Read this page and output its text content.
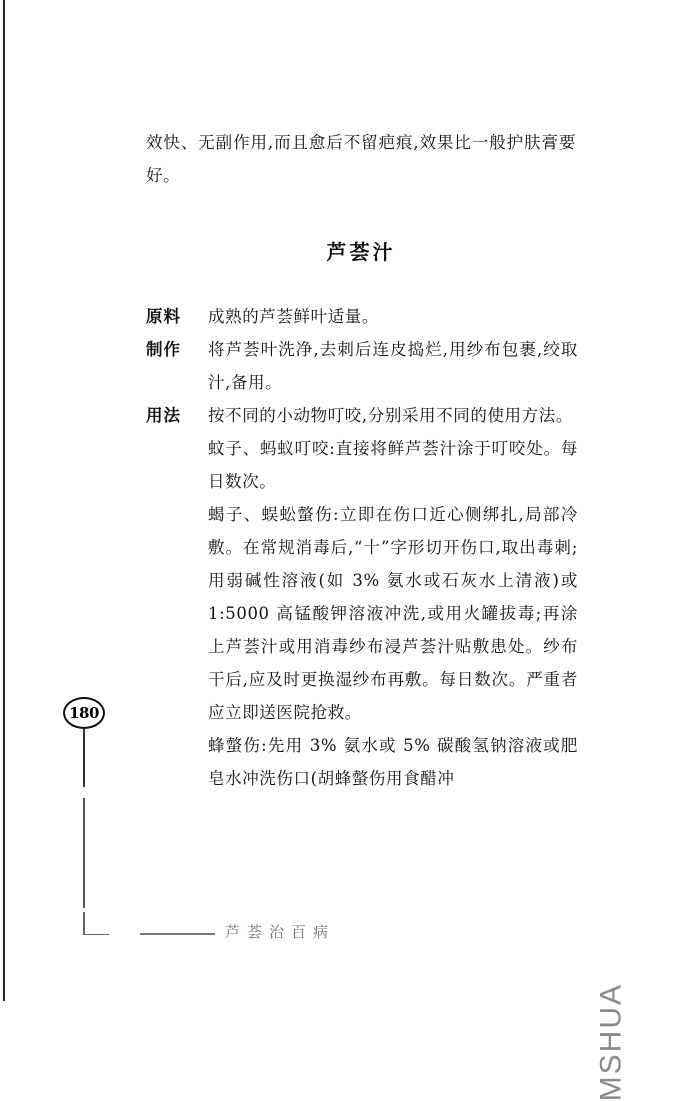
效快、无副作用,而且愈后不留疤痕,效果比一般护肤膏要好。

芦荟汁
原料	成熟的芦荟鲜叶适量。

制作	将芦荟叶洗净,去刺后连皮捣烂,用纱布包裹,绞取汁,备用。

用法	按不同的小动物叮咬,分别采用不同的使用方法。

蚊子、蚂蚁叮咬:直接将鲜芦荟汁涂于叮咬处。每日数次。

蝎子、蜈蚣螫伤:立即在伤口近心侧绑扎,局部冷敷。在常规消毒后,“十”字形切开伤口,取出毒刺;用弱碱性溶液(如 3% 氨水或石灰水上清液)或 1:5000 高锰酸钾溶液冲洗,或用火罐拔毒;再涂上芦荟汁或用消毒纱布浸芦荟汁贴敷患处。纱布干后,应及时更换湿纱布再敷。每日数次。严重者应立即送医院抢救。

蜂螫伤:先用 3% 氨水或 5% 碳酸氢钠溶液或肥皂水冲洗伤口(胡蜂螫伤用食醋冲

180
芦荟治百病
MSHUA
